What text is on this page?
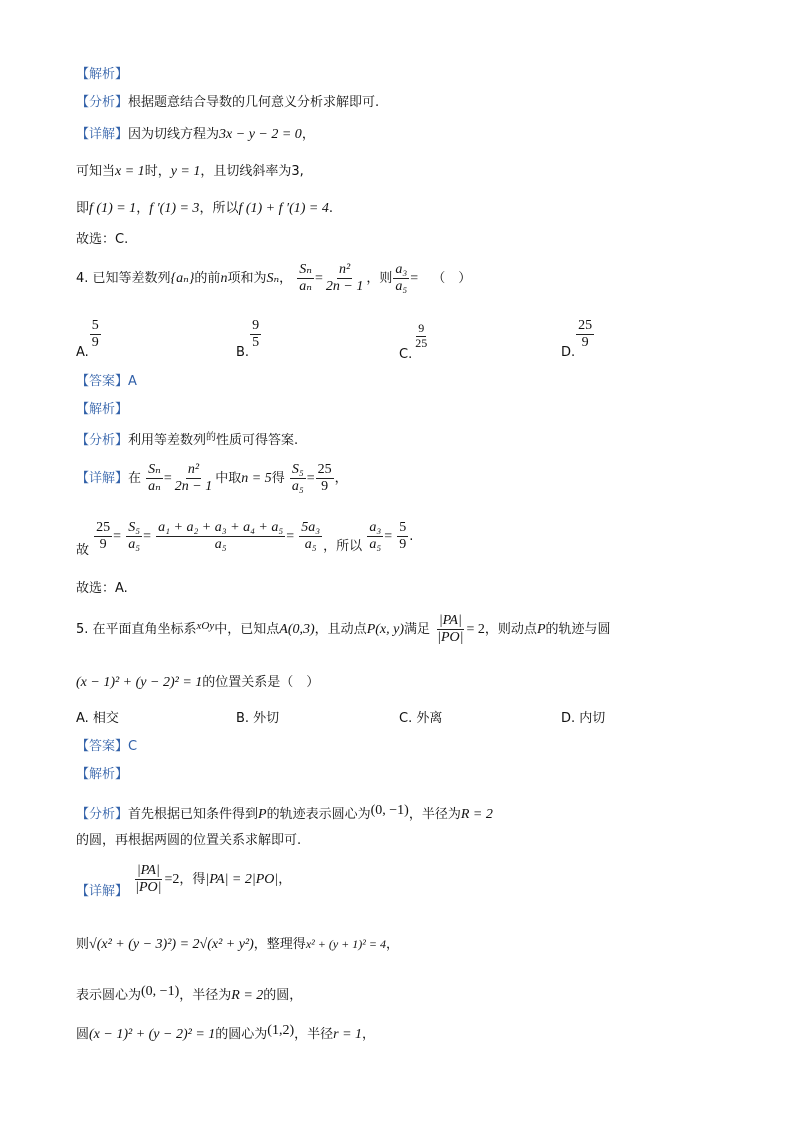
【解析】
【分析】根据题意结合导数的几何意义分析求解即可.
【详解】因为切线方程为3x − y − 2 = 0，
可知当x = 1时，y = 1，且切线斜率为3,
即f (1) = 1，f ′(1) = 3，所以f (1) + f ′(1) = 4.
故选：C.
4. 已知等差数列{aₙ}的前n项和为Sₙ， $\frac{\text{Sₙ}}{\text{aₙ}} = \frac{\text{n²}}{2n - 1}$ ，则 $\frac{\text{a₃}}{\text{a₅}}$ = （　）
A.
$\frac{5}{9}$
B.
$\frac{9}{5}$
C.
$\frac{9}{25}$
D.
$\frac{25}{9}$
【答案】A
【解析】
【分析】利用等差数列$^的$性质可得答案.
【详解】在 $\frac{\text{Sₙ}}{\text{aₙ}} = \frac{\text{n²}}{2n - 1}$ 中取n = 5得 $\frac{\text{S₅}}{\text{a₅}} = \frac{25}{9}$ ，
故 $\frac{25}{9} = \frac{\text{S₅}}{\text{a₅}} = \frac{\text{a₁ + a₂ + a₃ + a₄ + a₅}}{\text{a₅}} = \frac{\text{5a₃}}{\text{a₅}}$ ，所以 $\frac{\text{a₃}}{\text{a₅}} = \frac{5}{9}$ .
故选：A.
5. 在平面直角坐标系$^{xOy}$中，已知点A(0,3)，且动点P(x, y)满足 $\frac{|PA|}{|PO|} = 2$，则动点P的轨迹与圆
(x − 1)² + (y − 2)² = 1的位置关系是（　）
A. 相交	B. 外切	C. 外离	D. 内切
【答案】C
【解析】
【分析】首先根据已知条件得到P的轨迹表示圆心为(0, −1)，半径为R = 2
的圆，再根据两圆的位置关系求解即可.
【详解】 $\frac{|PA|}{|PO|} =2$，得|PA| = 2|PO|，
则√(x² + (y − 3)²) = 2√(x² + y²)，整理得x² + (y + 1)² = 4，
表示圆心为(0, −1)，半径为R = 2的圆，
圆(x − 1)² + (y − 2)² = 1的圆心为(1,2)，半径r = 1，
